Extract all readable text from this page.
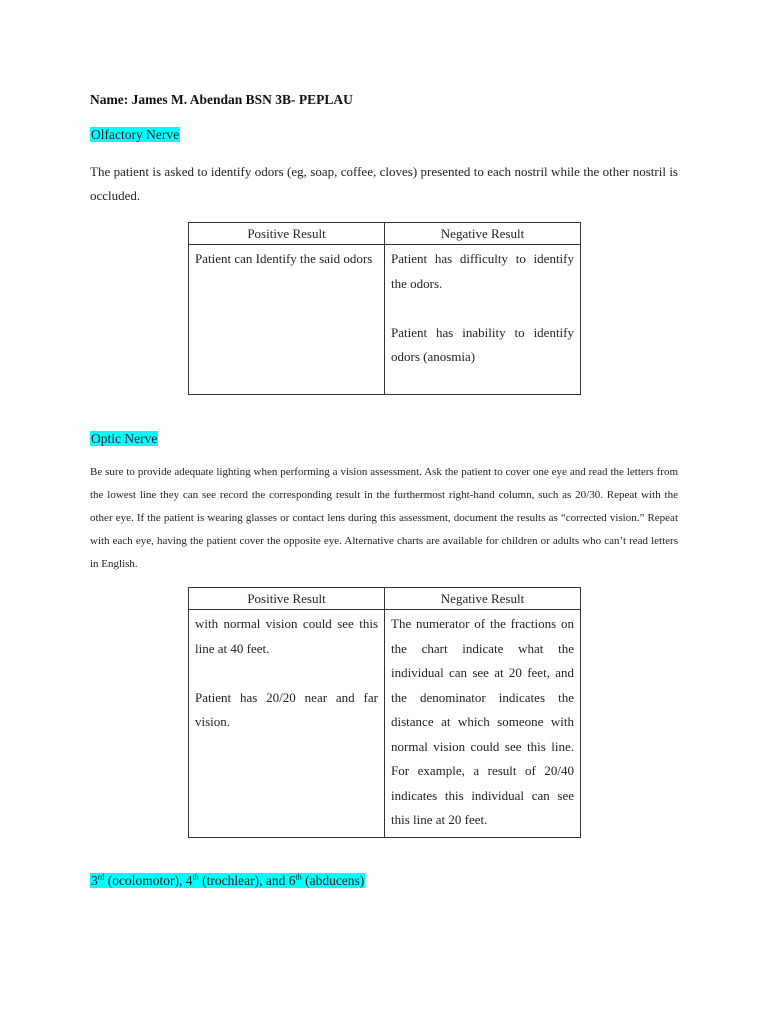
Name: James M. Abendan BSN 3B- PEPLAU
Olfactory Nerve
The patient is asked to identify odors (eg, soap, coffee, cloves) presented to each nostril while the other nostril is occluded.
Positive Result	Negative Result

Patient can Identify the said odors	Patient has difficulty to identify the odors.
Patient has inability to identify odors (anosmia)
Optic Nerve
Be sure to provide adequate lighting when performing a vision assessment. Ask the patient to cover one eye and read the letters from the lowest line they can see record the corresponding result in the furthermost right-hand column, such as 20/30. Repeat with the other eye. If the patient is wearing glasses or contact lens during this assessment, document the results as “corrected vision.” Repeat with each eye, having the patient cover the opposite eye. Alternative charts are available for children or adults who can’t read letters in English.
Positive Result	Negative Result

with normal vision could see this line at 40 feet.
Patient has 20/20 near and far vision.	The numerator of the fractions on the chart indicate what the individual can see at 20 feet, and the denominator indicates the distance at which someone with normal vision could see this line. For example, a result of 20/40 indicates this individual can see this line at 20 feet.
3rd (ocolomotor), 4th (trochlear), and 6th (abducens)
